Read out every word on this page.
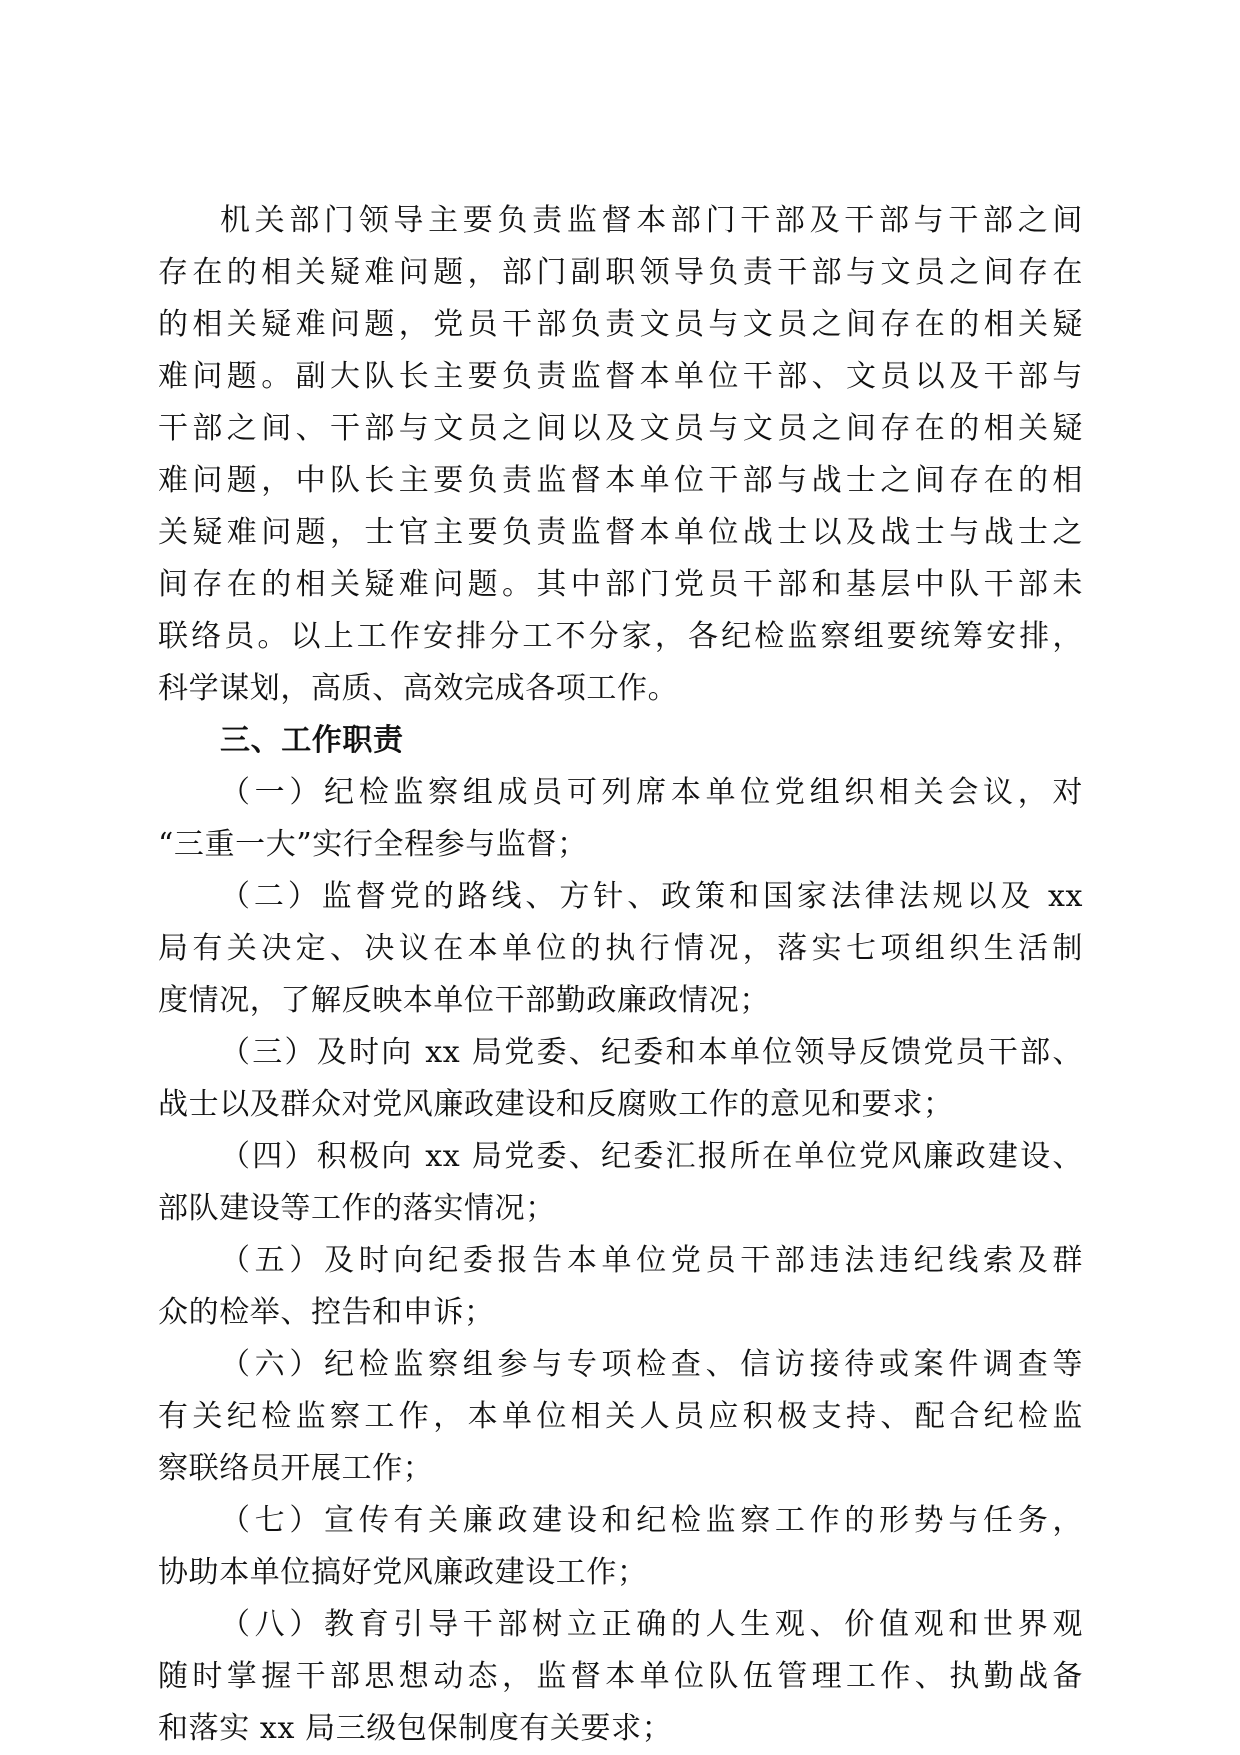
机关部门领导主要负责监督本部门干部及干部与干部之间
存在的相关疑难问题，部门副职领导负责干部与文员之间存在
的相关疑难问题，党员干部负责文员与文员之间存在的相关疑
难问题。副大队长主要负责监督本单位干部、文员以及干部与
干部之间、干部与文员之间以及文员与文员之间存在的相关疑
难问题，中队长主要负责监督本单位干部与战士之间存在的相
关疑难问题，士官主要负责监督本单位战士以及战士与战士之
间存在的相关疑难问题。其中部门党员干部和基层中队干部未
联络员。以上工作安排分工不分家，各纪检监察组要统筹安排，
科学谋划，高质、高效完成各项工作。
三、工作职责
（一）纪检监察组成员可列席本单位党组织相关会议，对
“三重一大”实行全程参与监督；
（二）监督党的路线、方针、政策和国家法律法规以及 xx
局有关决定、决议在本单位的执行情况，落实七项组织生活制
度情况，了解反映本单位干部勤政廉政情况；
（三）及时向 xx 局党委、纪委和本单位领导反馈党员干部、
战士以及群众对党风廉政建设和反腐败工作的意见和要求；
（四）积极向 xx 局党委、纪委汇报所在单位党风廉政建设、
部队建设等工作的落实情况；
（五）及时向纪委报告本单位党员干部违法违纪线索及群
众的检举、控告和申诉；
（六）纪检监察组参与专项检查、信访接待或案件调查等
有关纪检监察工作，本单位相关人员应积极支持、配合纪检监
察联络员开展工作；
（七）宣传有关廉政建设和纪检监察工作的形势与任务，
协助本单位搞好党风廉政建设工作；
（八）教育引导干部树立正确的人生观、价值观和世界观
随时掌握干部思想动态，监督本单位队伍管理工作、执勤战备
和落实 xx 局三级包保制度有关要求；
